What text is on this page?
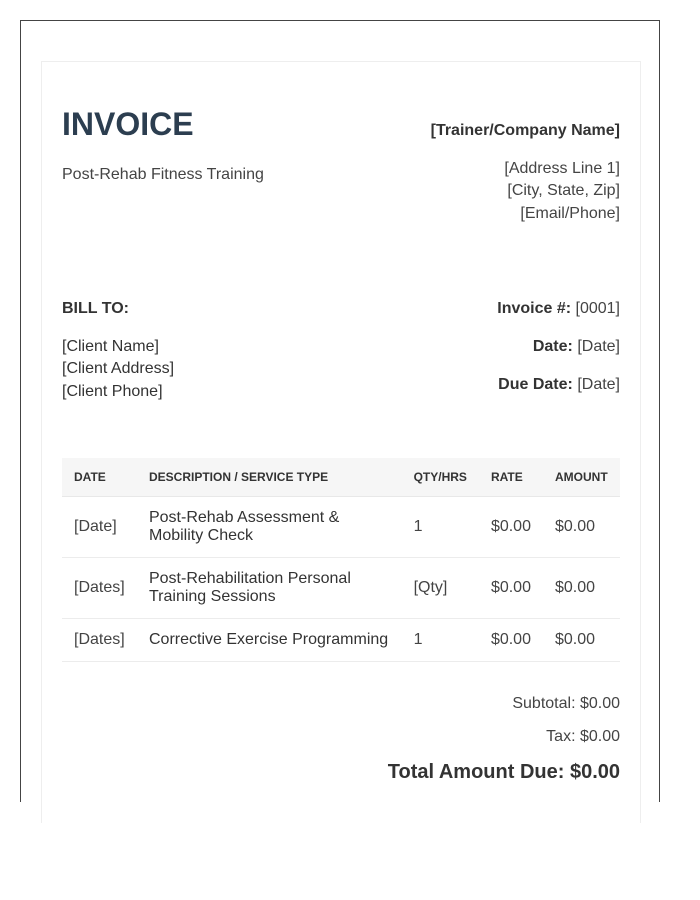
INVOICE
Post-Rehab Fitness Training
[Trainer/Company Name]
[Address Line 1]
[City, State, Zip]
[Email/Phone]
BILL TO:
[Client Name]
[Client Address]
[Client Phone]
Invoice #: [0001]
Date: [Date]
Due Date: [Date]
DATE	DESCRIPTION / SERVICE TYPE	QTY/HRS	RATE	AMOUNT
[Date]	Post-Rehab Assessment & Mobility Check	1	$0.00	$0.00
[Dates]	Post-Rehabilitation Personal Training Sessions	[Qty]	$0.00	$0.00
[Dates]	Corrective Exercise Programming	1	$0.00	$0.00
Subtotal: $0.00
Tax: $0.00
Total Amount Due: $0.00
